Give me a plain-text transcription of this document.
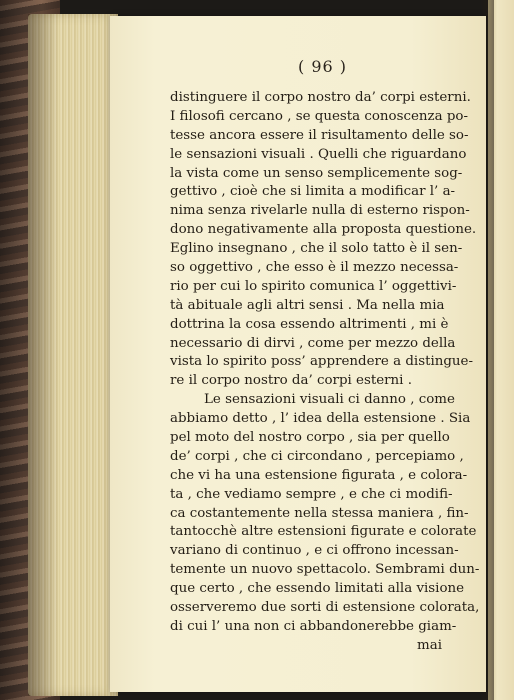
( 96 )
distinguere il corpo nostro da’ corpi esterni.
I filosofi cercano , se questa conoscenza po-
tesse ancora essere il risultamento delle so-
le sensazioni visuali . Quelli che riguardano
la vista come un senso semplicemente sog-
gettivo , cioè che si limita a modificar l’ a-
nima senza rivelarle nulla di esterno rispon-
dono negativamente alla proposta questione.
Eglino insegnano , che il solo tatto è il sen-
so oggettivo , che esso è il mezzo necessa-
rio per cui lo spirito comunica l’ oggettivi-
tà abituale agli altri sensi . Ma nella mia
dottrina la cosa essendo altrimenti , mi è
necessario di dirvi , come per mezzo della
vista lo spirito poss’ apprendere a distingue-
re il corpo nostro da’ corpi esterni .
Le sensazioni visuali ci danno , come
abbiamo detto , l’ idea della estensione . Sia
pel moto del nostro corpo , sia per quello
de’ corpi , che ci circondano , percepiamo ,
che vi ha una estensione figurata , e colora-
ta , che vediamo sempre , e che ci modifi-
ca costantemente nella stessa maniera , fin-
tantocchè altre estensioni figurate e colorate
variano di continuo , e ci offrono incessan-
temente un nuovo spettacolo. Sembrami dun-
que certo , che essendo limitati alla visione
osserveremo due sorti di estensione colorata,
di cui l’ una non ci abbandonerebbe giam-
mai
